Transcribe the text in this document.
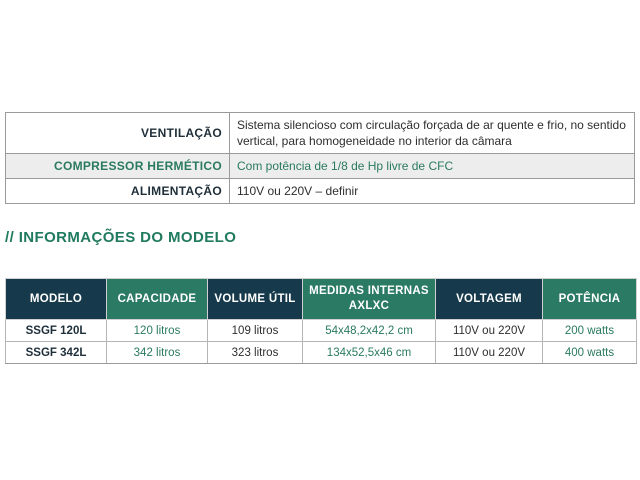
VENTILAÇÃO	Sistema silencioso com circulação forçada de ar quente e frio, no sentido vertical, para homogeneidade no interior da câmara
COMPRESSOR HERMÉTICO	Com potência de 1/8 de Hp livre de CFC
ALIMENTAÇÃO	110V ou 220V – definir
// INFORMAÇÕES DO MODELO
MODELO	CAPACIDADE	VOLUME ÚTIL	MEDIDAS INTERNAS AXLXC	VOLTAGEM	POTÊNCIA
SSGF 120L	120 litros	109 litros	54x48,2x42,2 cm	110V ou 220V	200 watts
SSGF 342L	342 litros	323 litros	134x52,5x46 cm	110V ou 220V	400 watts
